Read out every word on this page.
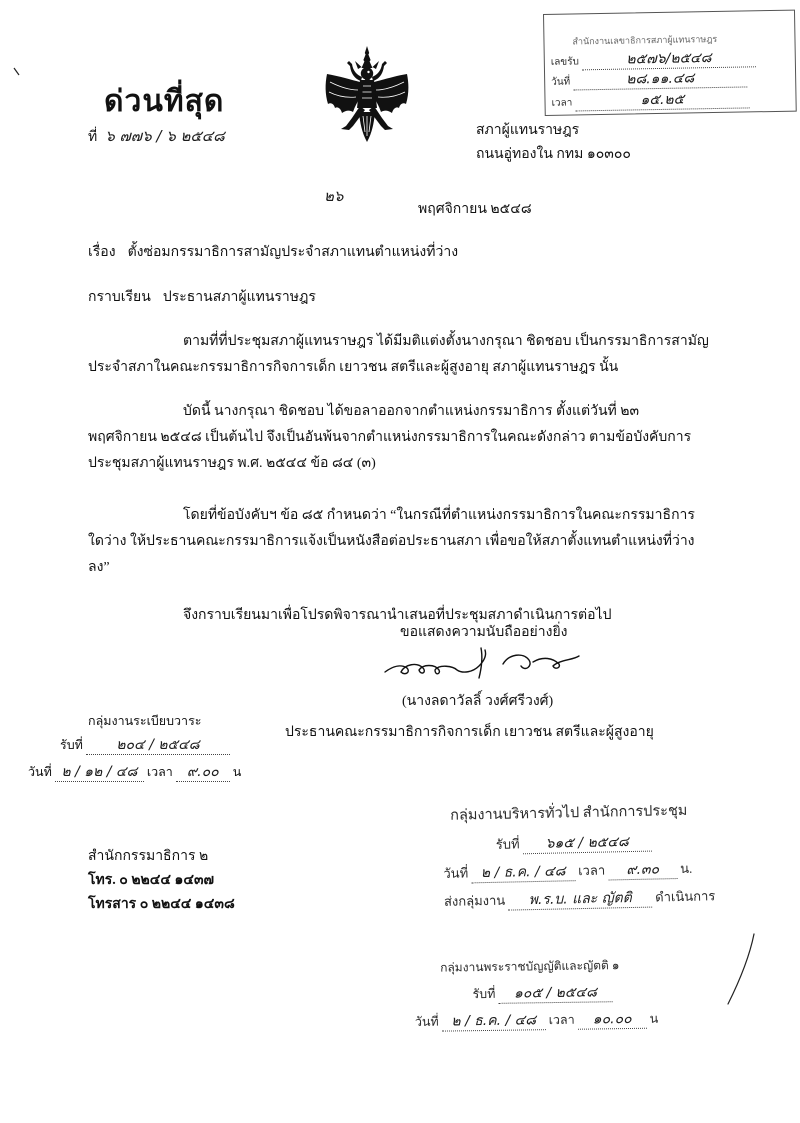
ด่วนที่สุด
ที่ ๖ ๗๗๖ / ๖ ๒๕๔๘
สำนักงานเลขาธิการสภาผู้แทนราษฎร
เลขรับ	๒๕๗๖/๒๕๔๘
วันที่	๒๘.๑๑.๔๘
เวลา	๑๕.๒๕
สภาผู้แทนราษฎร
ถนนอู่ทองใน กทม ๑๐๓๐๐
๒๖
พฤศจิกายน ๒๕๔๘
เรื่อง ตั้งซ่อมกรรมาธิการสามัญประจำสภาแทนตำแหน่งที่ว่าง
กราบเรียน ประธานสภาผู้แทนราษฎร

ตามที่ที่ประชุมสภาผู้แทนราษฎร ได้มีมติแต่งตั้งนางกรุณา ชิดชอบ เป็นกรรมาธิการสามัญประจำสภาในคณะกรรมาธิการกิจการเด็ก เยาวชน สตรีและผู้สูงอายุ สภาผู้แทนราษฎร นั้น

บัดนี้ นางกรุณา ชิดชอบ ได้ขอลาออกจากตำแหน่งกรรมาธิการ ตั้งแต่วันที่ ๒๓ พฤศจิกายน ๒๕๔๘ เป็นต้นไป จึงเป็นอันพ้นจากตำแหน่งกรรมาธิการในคณะดังกล่าว ตามข้อบังคับการประชุมสภาผู้แทนราษฎร พ.ศ. ๒๕๔๔ ข้อ ๘๔ (๓)

โดยที่ข้อบังคับฯ ข้อ ๘๕ กำหนดว่า “ในกรณีที่ตำแหน่งกรรมาธิการในคณะกรรมาธิการใดว่าง ให้ประธานคณะกรรมาธิการแจ้งเป็นหนังสือต่อประธานสภา เพื่อขอให้สภาตั้งแทนตำแหน่งที่ว่างลง”

จึงกราบเรียนมาเพื่อโปรดพิจารณานำเสนอที่ประชุมสภาดำเนินการต่อไป

ขอแสดงความนับถืออย่างยิ่ง
(นางลดาวัลลิ์ วงศ์ศรีวงศ์)
ประธานคณะกรรมาธิการกิจการเด็ก เยาวชน สตรีและผู้สูงอายุ
กลุ่มงานระเบียบวาระ
รับที่ ๒๐๔ / ๒๕๔๘
วันที่ ๒ / ๑๒ / ๔๘ เวลา ๙.๐๐ น
สำนักกรรมาธิการ ๒
โทร. ๐ ๒๒๔๔ ๑๔๓๗
โทรสาร ๐ ๒๒๔๔ ๑๔๓๘
กลุ่มงานบริหารทั่วไป สำนักการประชุม
รับที่ ๖๑๕ / ๒๕๔๘
วันที่ ๒ / ธ.ค. / ๔๘ เวลา ๙.๓๐ น.
ส่งกลุ่มงาน พ.ร.บ. และ ญัตติ ดำเนินการ
กลุ่มงานพระราชบัญญัติและญัตติ ๑
รับที่ ๑๐๕ / ๒๕๔๘
วันที่ ๒ / ธ.ค. / ๔๘ เวลา ๑๐.๐๐ น
